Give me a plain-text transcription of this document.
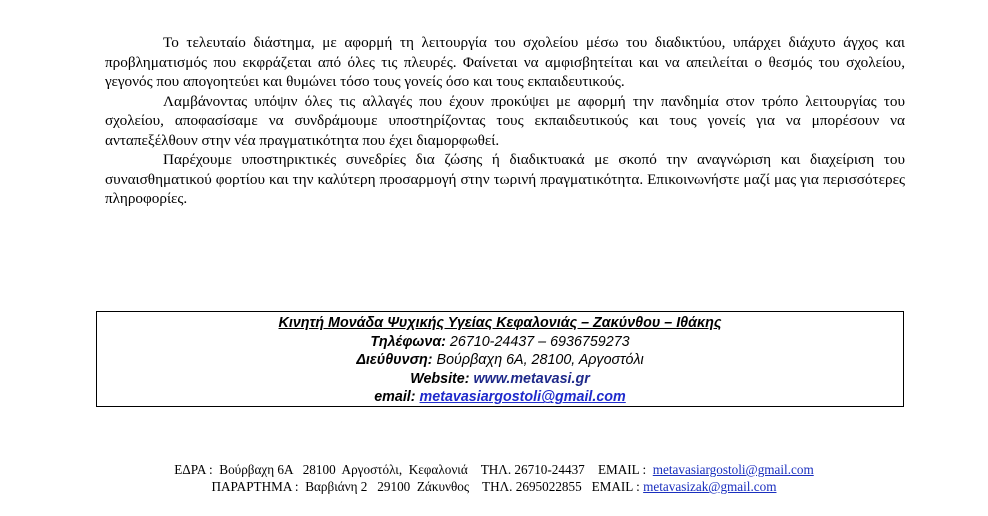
Το τελευταίο διάστημα, με αφορμή τη λειτουργία του σχολείου μέσω του διαδικτύου, υπάρχει διάχυτο άγχος και προβληματισμός που εκφράζεται από όλες τις πλευρές. Φαίνεται να αμφισβητείται και να απειλείται ο θεσμός του σχολείου, γεγονός που απογοητεύει και θυμώνει τόσο τους γονείς όσο και τους εκπαιδευτικούς.

Λαμβάνοντας υπόψιν όλες τις αλλαγές που έχουν προκύψει με αφορμή την πανδημία στον τρόπο λειτουργίας του σχολείου, αποφασίσαμε να συνδράμουμε υποστηρίζοντας τους εκπαιδευτικούς και τους γονείς για να μπορέσουν να ανταπεξέλθουν στην νέα πραγματικότητα που έχει διαμορφωθεί.

Παρέχουμε υποστηρικτικές συνεδρίες δια ζώσης ή διαδικτυακά με σκοπό την αναγνώριση και διαχείριση του συναισθηματικού φορτίου και την καλύτερη προσαρμογή στην τωρινή πραγματικότητα. Επικοινωνήστε μαζί μας για περισσότερες πληροφορίες.

Κινητή Μονάδα Ψυχικής Υγείας Κεφαλονιάς – Ζακύνθου – Ιθάκης
Τηλέφωνα: 26710-24437 – 6936759273
Διεύθυνση: Βούρβαχη 6Α, 28100, Αργοστόλι
Website: www.metavasi.gr
email: metavasiargostoli@gmail.com
ΕΔΡΑ :  Βούρβαχη 6Α   28100  Αργοστόλι,  Κεφαλονιά    ΤΗΛ. 26710-24437    EMAIL :  metavasiargostoli@gmail.com
ΠΑΡΑΡΤΗΜΑ :  Βαρβιάνη 2   29100  Ζάκυνθος    ΤΗΛ. 2695022855   EMAIL : metavasizak@gmail.com
